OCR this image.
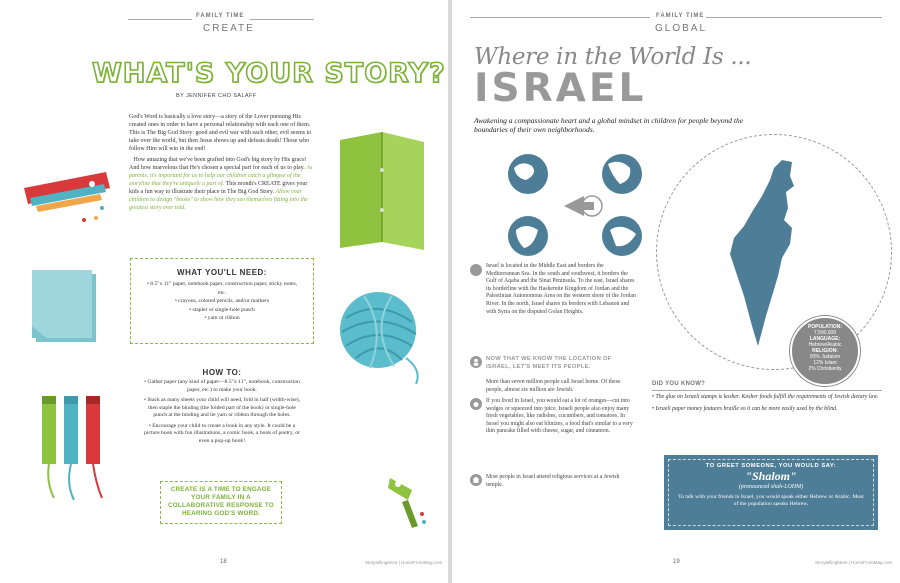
FAMILY TIME
CREATE
WHAT'S YOUR STORY?
BY JENNIFER CHO SALAFF

God's Word is basically a love story—a story of the Lover pursuing His created ones in order to have a personal relationship with each one of them. This is The Big God Story: good and evil war with each other, evil seems to take over the world, but then Jesus shows up and defeats death! Those who follow Him will win in the end!

How amazing that we've been grafted into God's big story by His grace! And how marvelous that He's chosen a special part for each of us to play. As parents, it's important for us to help our children catch a glimpse of the storyline that they're uniquely a part of. This month's CREATE gives your kids a fun way to illustrate their place in The Big God Story. Allow your children to design "books" to show how they see themselves fitting into the greatest story ever told.

WHAT YOU'LL NEED:
• 8.5"x 11" paper, notebook paper, construction paper, sticky notes, etc.
• crayons, colored pencils, and/or markers
• stapler or single-hole punch
• yarn or ribbon
HOW TO:

• Gather paper (any kind of paper—8.5"x 11", notebook, construction paper, etc.) to make your book.

• Stack as many sheets your child will need, fold in half (width-wise), then staple the binding (the folded part of the book) or single-hole punch at the binding and tie yarn or ribbon through the holes.

• Encourage your child to create a book in any style. It could be a picture book with fun illustrations, a comic book, a book of poetry, or even a pop-up book!

CREATE IS A TIME TO ENGAGE YOUR FAMILY IN A COLLABORATIVE RESPONSE TO HEARING GOD'S WORD.
18	StorytellingMore | HomeFrontMag.com
FAMILY TIME
GLOBAL
Where in the World Is ...
ISRAEL
Awakening a compassionate heart and a global mindset in children for people beyond the boundaries of their own neighborhoods.
POPULATION:
7,590,000
LANGUAGE:
Hebrew/Arabic
RELIGION:
83% Judaism
12% Islam
2% Christianity
Israel is located in the Middle East and borders the Mediterranean Sea. In the south and southwest, it borders the Gulf of Aqaba and the Sinai Peninsula. To the east, Israel shares its borderline with the Hashemite Kingdom of Jordan and the Palestinian Autonomous Area on the western shore of the Jordan River. In the north, Israel shares its borders with Lebanon and with Syria on the disputed Golan Heights.
NOW THAT WE KNOW THE LOCATION OF ISRAEL, LET'S MEET ITS PEOPLE.
More than seven million people call Israel home. Of these people, almost six million are Jewish.
If you lived in Israel, you would eat a lot of oranges—cut into wedges or squeezed into juice. Israeli people also enjoy many fresh vegetables, like radishes, cucumbers, and tomatoes. In Israel you might also eat blintzes, a food that's similar to a very thin pancake filled with cheese, sugar, and cinnamon.
Most people in Israel attend religious services at a Jewish temple.
DID YOU KNOW?
• The glue on Israeli stamps is kosher. Kosher foods fulfill the requirements of Jewish dietary law.
• Israeli paper money features braille so it can be more easily used by the blind.
TO GREET SOMEONE, YOU WOULD SAY:
"Shalom"
(pronounced shah-LOHM)
To talk with your friends in Israel, you would speak either Hebrew or Arabic. Most of the population speaks Hebrew.
19	StorytellingMore | HomeFrontMag.com
